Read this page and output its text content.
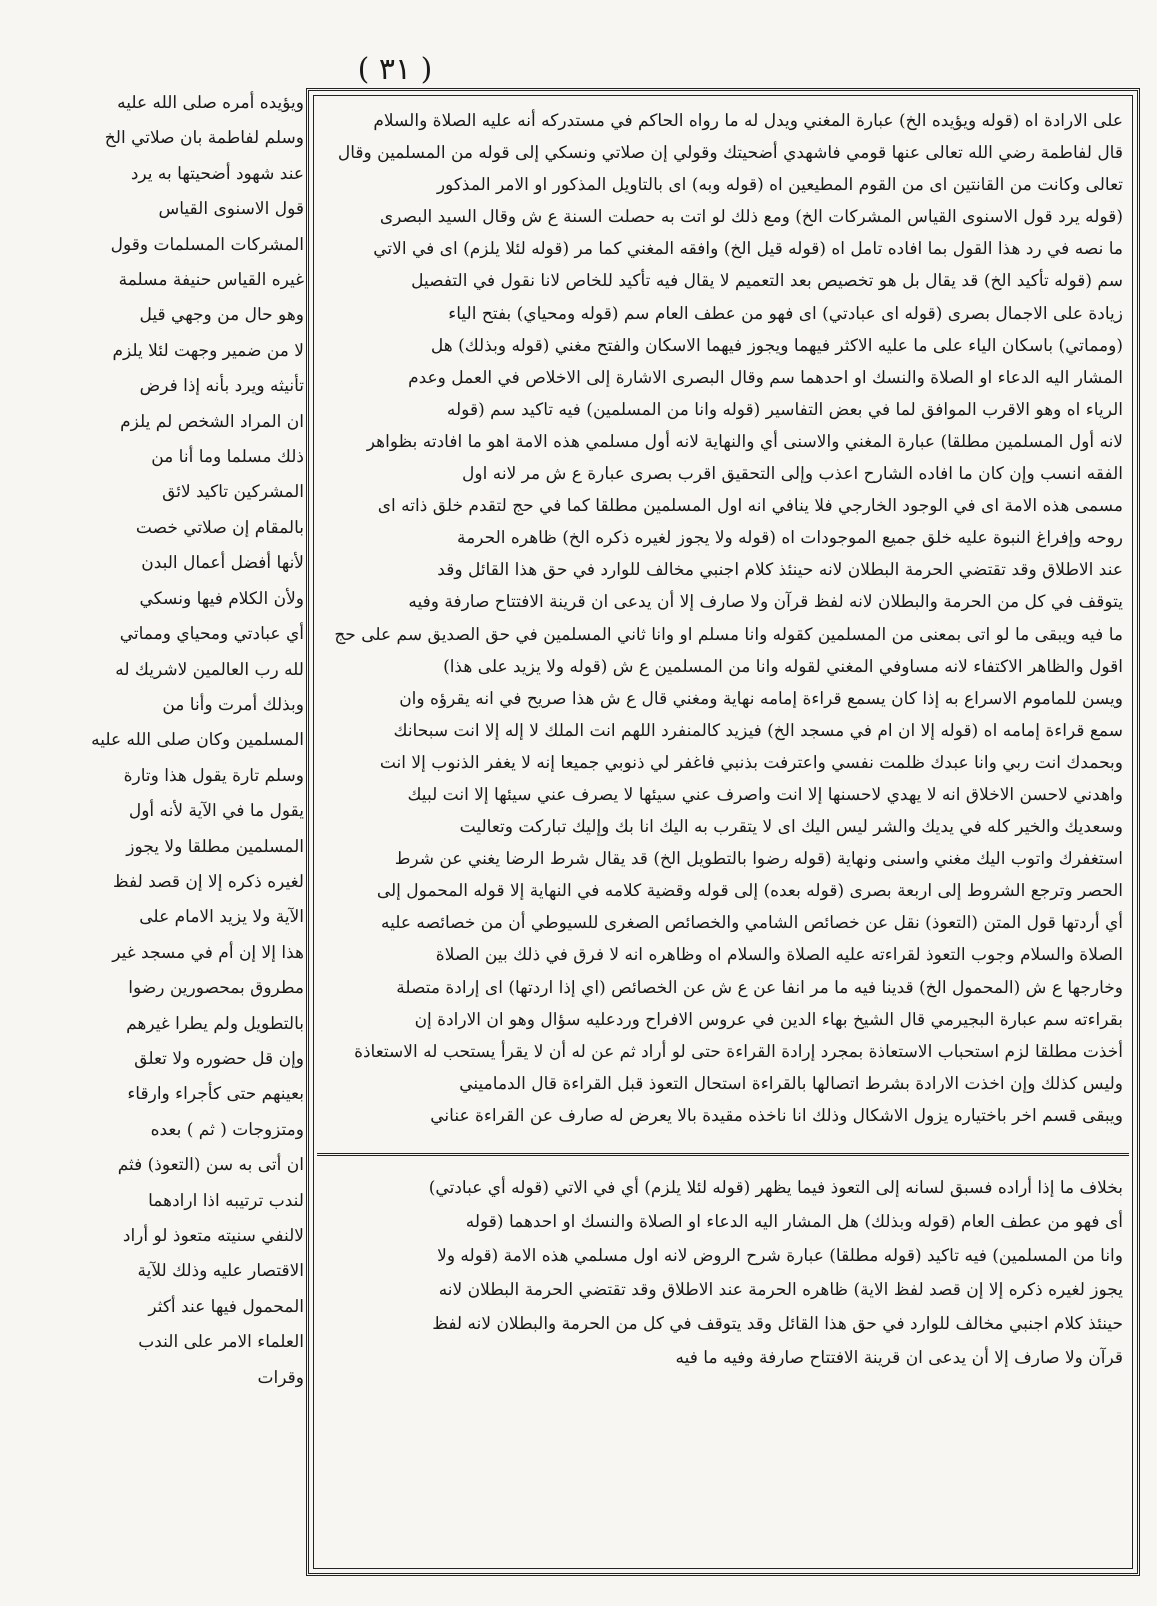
( ٣١ )
ويؤيده أمره صلى الله عليه
وسلم لفاطمة بان صلاتي الخ
عند شهود أضحيتها به يرد
قول الاسنوى القياس
المشركات المسلمات وقول
غيره القياس حنيفة مسلمة
وهو حال من وجهي قيل
لا من ضمير وجهت لئلا يلزم
تأنيثه ويرد بأنه إذا فرض
ان المراد الشخص لم يلزم
ذلك مسلما وما أنا من
المشركين تاكيد لائق
بالمقام إن صلاتي خصت
لأنها أفضل أعمال البدن
ولأن الكلام فيها ونسكي
أي عبادتي ومحياي ومماتي
لله رب العالمين لاشريك له
وبذلك أمرت وأنا من
المسلمين وكان صلى الله عليه
وسلم تارة يقول هذا وتارة
يقول ما في الآية لأنه أول
المسلمين مطلقا ولا يجوز
لغيره ذكره إلا إن قصد لفظ
الآية ولا يزيد الامام على
هذا إلا إن أم في مسجد غير
مطروق بمحصورين رضوا
بالتطويل ولم يطرا غيرهم
وإن قل حضوره ولا تعلق
بعينهم حتى كأجراء وارقاء
ومتزوجات ( ثم ) بعده
ان أتى به سن (التعوذ) فثم
لندب ترتيبه اذا ارادهما
لالنفي سنيته متعوذ لو أراد
الاقتصار عليه وذلك للآية
المحمول فيها عند أكثر
العلماء الامر على الندب
وقرات
على الارادة اه (قوله ويؤيده الخ) عبارة المغني ويدل له ما رواه الحاكم في مستدركه أنه عليه الصلاة والسلام
قال لفاطمة رضي الله تعالى عنها قومي فاشهدي أضحيتك وقولي إن صلاتي ونسكي إلى قوله من المسلمين وقال
تعالى وكانت من القانتين اى من القوم المطيعين اه (قوله وبه) اى بالتاويل المذكور او الامر المذكور
(قوله يرد قول الاسنوى القياس المشركات الخ) ومع ذلك لو اتت به حصلت السنة ع ش وقال السيد البصرى
ما نصه في رد هذا القول بما افاده تامل اه (قوله قيل الخ) وافقه المغني كما مر (قوله لئلا يلزم) اى في الاتي
سم (قوله تأكيد الخ) قد يقال بل هو تخصيص بعد التعميم لا يقال فيه تأكيد للخاص لانا نقول في التفصيل
زيادة على الاجمال بصرى (قوله اى عبادتي) اى فهو من عطف العام سم (قوله ومحياي) بفتح الياء
(ومماتي) باسكان الياء على ما عليه الاكثر فيهما ويجوز فيهما الاسكان والفتح مغني (قوله وبذلك) هل
المشار اليه الدعاء او الصلاة والنسك او احدهما سم وقال البصرى الاشارة إلى الاخلاص في العمل وعدم
الرياء اه وهو الاقرب الموافق لما في بعض التفاسير (قوله وانا من المسلمين) فيه تاكيد سم (قوله
لانه أول المسلمين مطلقا) عبارة المغني والاسنى أي والنهاية لانه أول مسلمي هذه الامة اهو ما افادته بظواهر
الفقه انسب وإن كان ما افاده الشارح اعذب وإلى التحقيق اقرب بصرى عبارة ع ش مر لانه اول
مسمى هذه الامة اى في الوجود الخارجي فلا ينافي انه اول المسلمين مطلقا كما في حج لتقدم خلق ذاته اى
روحه وإفراغ النبوة عليه خلق جميع الموجودات اه (قوله ولا يجوز لغيره ذكره الخ) ظاهره الحرمة
عند الاطلاق وقد تقتضي الحرمة البطلان لانه حينئذ كلام اجنبي مخالف للوارد في حق هذا القائل وقد
يتوقف في كل من الحرمة والبطلان لانه لفظ قرآن ولا صارف إلا أن يدعى ان قرينة الافتتاح صارفة وفيه
ما فيه ويبقى ما لو اتى بمعنى من المسلمين كقوله وانا مسلم او وانا ثاني المسلمين في حق الصديق سم على حج
اقول والظاهر الاكتفاء لانه مساوفي المغني لقوله وانا من المسلمين ع ش (قوله ولا يزيد على هذا)
ويسن للماموم الاسراع به إذا كان يسمع قراءة إمامه نهاية ومغني قال ع ش هذا صريح في انه يقرؤه وان
سمع قراءة إمامه اه (قوله إلا ان ام في مسجد الخ) فيزيد كالمنفرد اللهم انت الملك لا إله إلا انت سبحانك
وبحمدك انت ربي وانا عبدك ظلمت نفسي واعترفت بذنبي فاغفر لي ذنوبي جميعا إنه لا يغفر الذنوب إلا انت
واهدني لاحسن الاخلاق انه لا يهدي لاحسنها إلا انت واصرف عني سيئها لا يصرف عني سيئها إلا انت لبيك
وسعديك والخير كله في يديك والشر ليس اليك اى لا يتقرب به اليك انا بك وإليك تباركت وتعاليت
استغفرك واتوب اليك مغني واسنى ونهاية (قوله رضوا بالتطويل الخ) قد يقال شرط الرضا يغني عن شرط
الحصر وترجع الشروط إلى اربعة بصرى (قوله بعده) إلى قوله وقضية كلامه في النهاية إلا قوله المحمول إلى
أي أردتها قول المتن (التعوذ) نقل عن خصائص الشامي والخصائص الصغرى للسيوطي أن من خصائصه عليه
الصلاة والسلام وجوب التعوذ لقراءته عليه الصلاة والسلام اه وظاهره انه لا فرق في ذلك بين الصلاة
وخارجها ع ش (المحمول الخ) قدينا فيه ما مر انفا عن ع ش عن الخصائص (اي إذا اردتها) اى إرادة متصلة
بقراءته سم عبارة البجيرمي قال الشيخ بهاء الدين في عروس الافراح وردعليه سؤال وهو ان الارادة إن
أخذت مطلقا لزم استحباب الاستعاذة بمجرد إرادة القراءة حتى لو أراد ثم عن له أن لا يقرأ يستحب له الاستعاذة
وليس كذلك وإن اخذت الارادة بشرط اتصالها بالقراءة استحال التعوذ قبل القراءة قال الدماميني
ويبقى قسم اخر باختياره يزول الاشكال وذلك انا ناخذه مقيدة بالا يعرض له صارف عن القراءة عناني
بخلاف ما إذا أراده فسبق لسانه إلى التعوذ فيما يظهر (قوله لئلا يلزم) أي في الاتي (قوله أي عبادتي)
أى فهو من عطف العام (قوله وبذلك) هل المشار اليه الدعاء او الصلاة والنسك او احدهما (قوله
وانا من المسلمين) فيه تاكيد (قوله مطلقا) عبارة شرح الروض لانه اول مسلمي هذه الامة (قوله ولا
يجوز لغيره ذكره إلا إن قصد لفظ الاية) ظاهره الحرمة عند الاطلاق وقد تقتضي الحرمة البطلان لانه
حينئذ كلام اجنبي مخالف للوارد في حق هذا القائل وقد يتوقف في كل من الحرمة والبطلان لانه لفظ
قرآن ولا صارف إلا أن يدعى ان قرينة الافتتاح صارفة وفيه ما فيه
